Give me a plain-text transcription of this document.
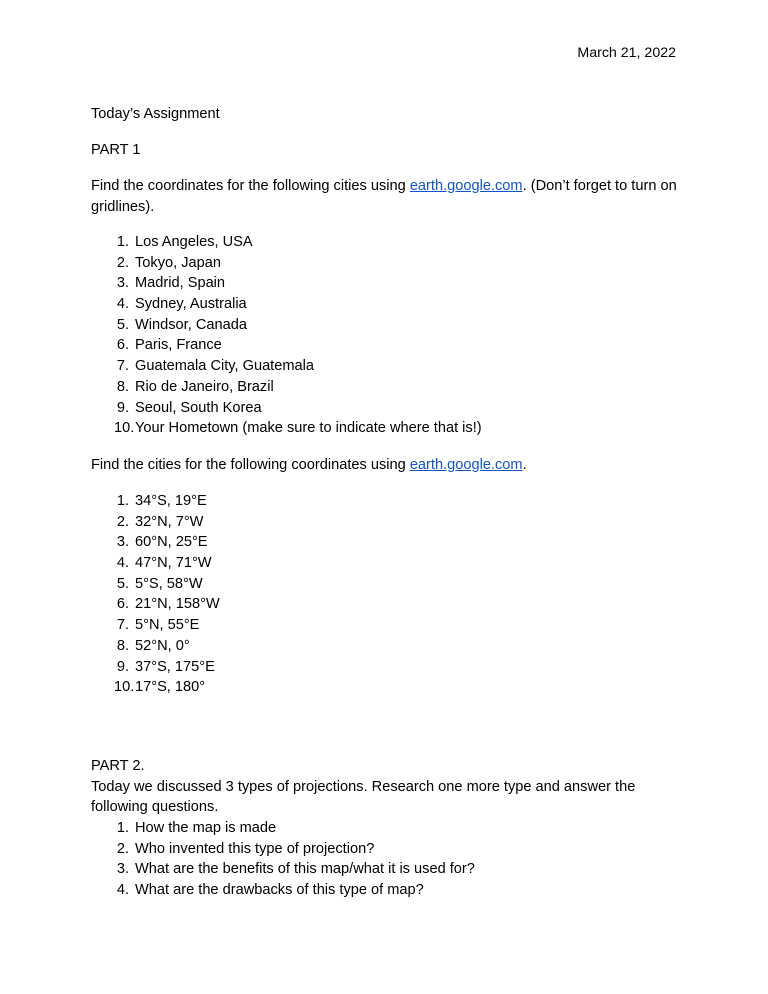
March 21, 2022

Today’s Assignment

PART 1

Find the coordinates for the following cities using earth.google.com. (Don’t forget to turn on gridlines).

1. Los Angeles, USA
2. Tokyo, Japan
3. Madrid, Spain
4. Sydney, Australia
5. Windsor, Canada
6. Paris, France
7. Guatemala City, Guatemala
8. Rio de Janeiro, Brazil
9. Seoul, South Korea
10. Your Hometown (make sure to indicate where that is!)

Find the cities for the following coordinates using earth.google.com.

1. 34°S, 19°E
2. 32°N, 7°W
3. 60°N, 25°E
4. 47°N, 71°W
5. 5°S, 58°W
6. 21°N, 158°W
7. 5°N, 55°E
8. 52°N, 0°
9. 37°S, 175°E
10. 17°S, 180°

PART 2.

Today we discussed 3 types of projections. Research one more type and answer the following questions.

1. How the map is made
2. Who invented this type of projection?
3. What are the benefits of this map/what it is used for?
4. What are the drawbacks of this type of map?
